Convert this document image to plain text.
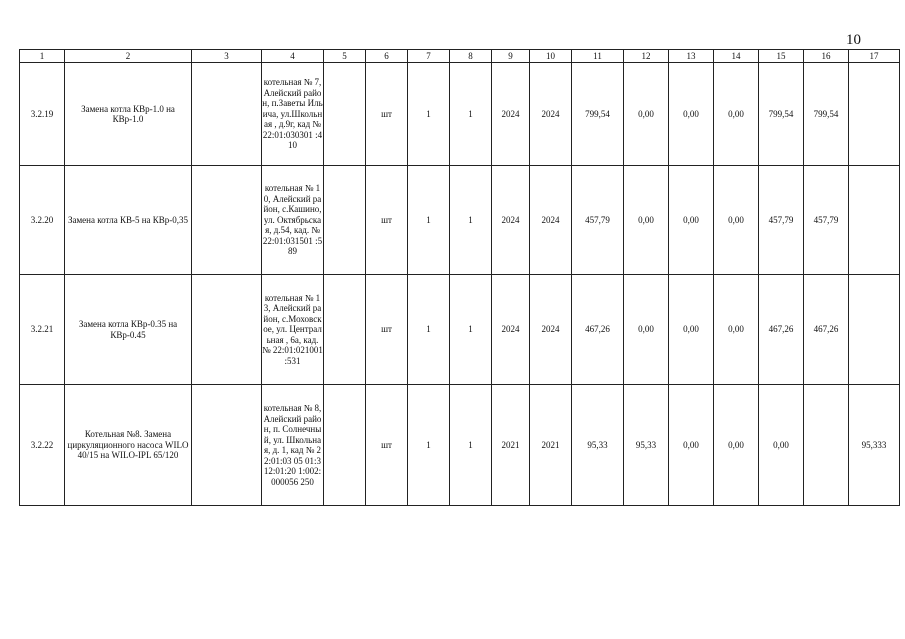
10
1	2	3	4	5	6	7	8	9	10	11	12	13	14	15	16	17
3.2.19	Замена котла КВр-1.0 на КВр-1.0		котельная № 7, Алейский район, п.Заветы Ильича, ул.Школьная , д.9г, кад № 22:01:030301 :410		шт	1	1	2024	2024	799,54	0,00	0,00	0,00	799,54	799,54	
3.2.20	Замена котла КВ-5 на КВр-0,35		котельная № 10, Алейский район, с.Кашино, ул. Октябрьская, д.54, кад. № 22:01:031501 :589		шт	1	1	2024	2024	457,79	0,00	0,00	0,00	457,79	457,79	
3.2.21	Замена котла КВр-0.35 на КВр-0.45		котельная № 13, Алейский район, с.Моховское, ул. Центральная , 6а, кад. № 22:01:021001 :531		шт	1	1	2024	2024	467,26	0,00	0,00	0,00	467,26	467,26	
3.2.22	Котельная №8. Замена циркуляционного насоса WILO 40/15 на WILO-IPL 65/120		котельная № 8, Алейский район, п. Солнечный, ул. Школьная, д. 1, кад № 22:01:03 05 01:312:01:20 1:002:000056 250		шт	1	1	2021	2021	95,33	95,33	0,00	0,00	0,00		95,333
